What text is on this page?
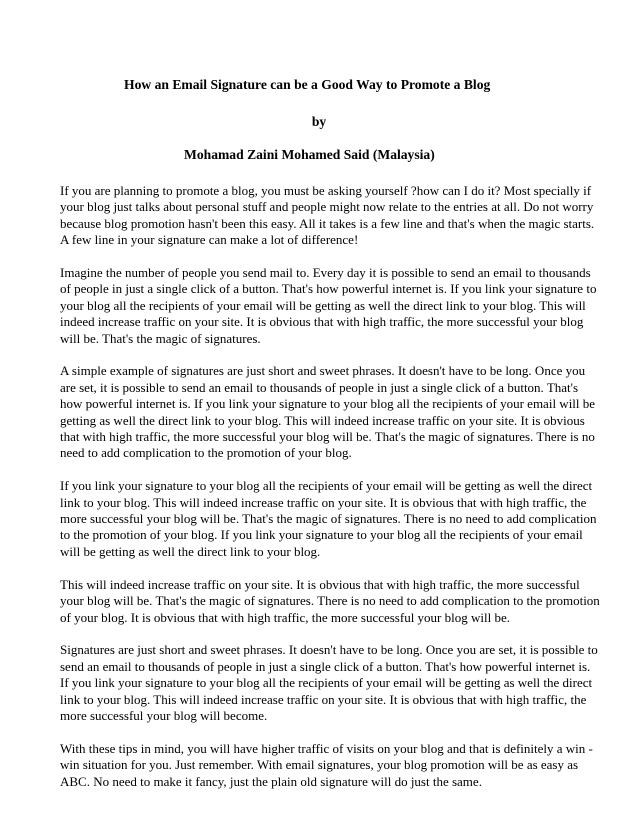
How an Email Signature can be a Good Way to Promote a Blog
by
Mohamad Zaini Mohamed Said (Malaysia)
If you are planning to promote a blog, you must be asking yourself ?how can I do it? Most specially if
your blog just talks about personal stuff and people might now relate to the entries at all. Do not worry
because blog promotion hasn't been this easy. All it takes is a few line and that's when the magic starts.
A few line in your signature can make a lot of difference!
Imagine the number of people you send mail to. Every day it is possible to send an email to thousands
of people in just a single click of a button. That's how powerful internet is. If you link your signature to
your blog all the recipients of your email will be getting as well the direct link to your blog. This will
indeed increase traffic on your site. It is obvious that with high traffic, the more successful your blog
will be. That's the magic of signatures.
A simple example of signatures are just short and sweet phrases. It doesn't have to be long. Once you
are set, it is possible to send an email to thousands of people in just a single click of a button. That's
how powerful internet is. If you link your signature to your blog all the recipients of your email will be
getting as well the direct link to your blog. This will indeed increase traffic on your site. It is obvious
that with high traffic, the more successful your blog will be. That's the magic of signatures. There is no
need to add complication to the promotion of your blog.
If you link your signature to your blog all the recipients of your email will be getting as well the direct
link to your blog. This will indeed increase traffic on your site. It is obvious that with high traffic, the
more successful your blog will be. That's the magic of signatures. There is no need to add complication
to the promotion of your blog. If you link your signature to your blog all the recipients of your email
will be getting as well the direct link to your blog.
This will indeed increase traffic on your site. It is obvious that with high traffic, the more successful
your blog will be. That's the magic of signatures. There is no need to add complication to the promotion
of your blog. It is obvious that with high traffic, the more successful your blog will be.
Signatures are just short and sweet phrases. It doesn't have to be long. Once you are set, it is possible to
send an email to thousands of people in just a single click of a button. That's how powerful internet is.
If you link your signature to your blog all the recipients of your email will be getting as well the direct
link to your blog. This will indeed increase traffic on your site. It is obvious that with high traffic, the
more successful your blog will become.
With these tips in mind, you will have higher traffic of visits on your blog and that is definitely a win -
win situation for you. Just remember. With email signatures, your blog promotion will be as easy as
ABC. No need to make it fancy, just the plain old signature will do just the same.
